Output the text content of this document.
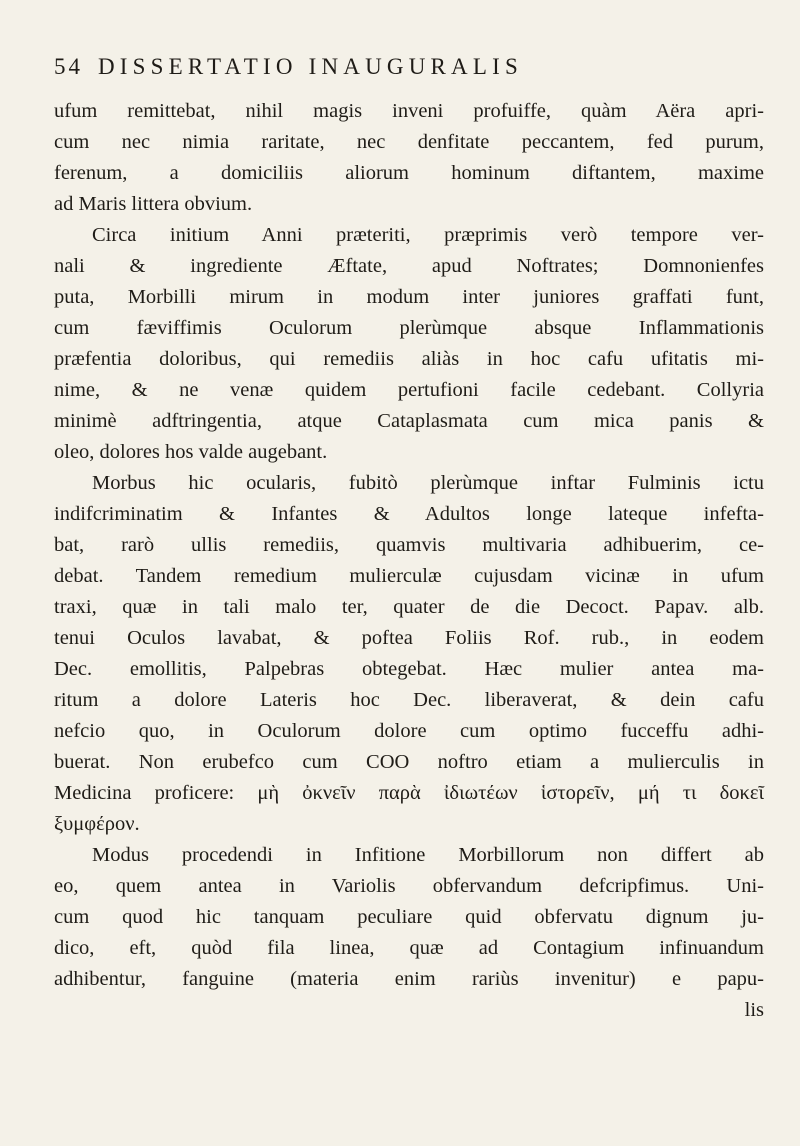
54 DISSERTATIO INAUGURALIS
ufum remittebat, nihil magis inveni profuiffe, quàm Aëra apri-
cum nec nimia raritate, nec denfitate peccantem, fed purum,
ferenum, a domiciliis aliorum hominum diftantem, maxime
ad Maris littera obvium.
Circa initium Anni præteriti, præprimis verò tempore ver-
nali & ingrediente Æftate, apud Noftrates; Domnonienfes
puta, Morbilli mirum in modum inter juniores graffati funt,
cum fæviffimis Oculorum plerùmque absque Inflammationis
præfentia doloribus, qui remediis aliàs in hoc cafu ufitatis mi-
nime, & ne venæ quidem pertufioni facile cedebant. Collyria
minimè adftringentia, atque Cataplasmata cum mica panis &
oleo, dolores hos valde augebant.
Morbus hic ocularis, fubitò plerùmque inftar Fulminis ictu
indifcriminatim & Infantes & Adultos longe lateque infefta-
bat, rarò ullis remediis, quamvis multivaria adhibuerim, ce-
debat. Tandem remedium mulierculæ cujusdam vicinæ in ufum
traxi, quæ in tali malo ter, quater de die Decoct. Papav. alb.
tenui Oculos lavabat, & poftea Foliis Rof. rub., in eodem
Dec. emollitis, Palpebras obtegebat. Hæc mulier antea ma-
ritum a dolore Lateris hoc Dec. liberaverat, & dein cafu
nefcio quo, in Oculorum dolore cum optimo fucceffu adhi-
buerat. Non erubefco cum COO noftro etiam a mulierculis in
Medicina proficere: μὴ ὀκνεῖν παρὰ ἰδιωτέων ἱστορεῖν, μή τι δοκεῖ
ξυμφέρον.
Modus procedendi in Infitione Morbillorum non differt ab
eo, quem antea in Variolis obfervandum defcripfimus. Uni-
cum quod hic tanquam peculiare quid obfervatu dignum ju-
dico, eft, quòd fila linea, quæ ad Contagium infinuandum
adhibentur, fanguine (materia enim rariùs invenitur) e papu-
lis
